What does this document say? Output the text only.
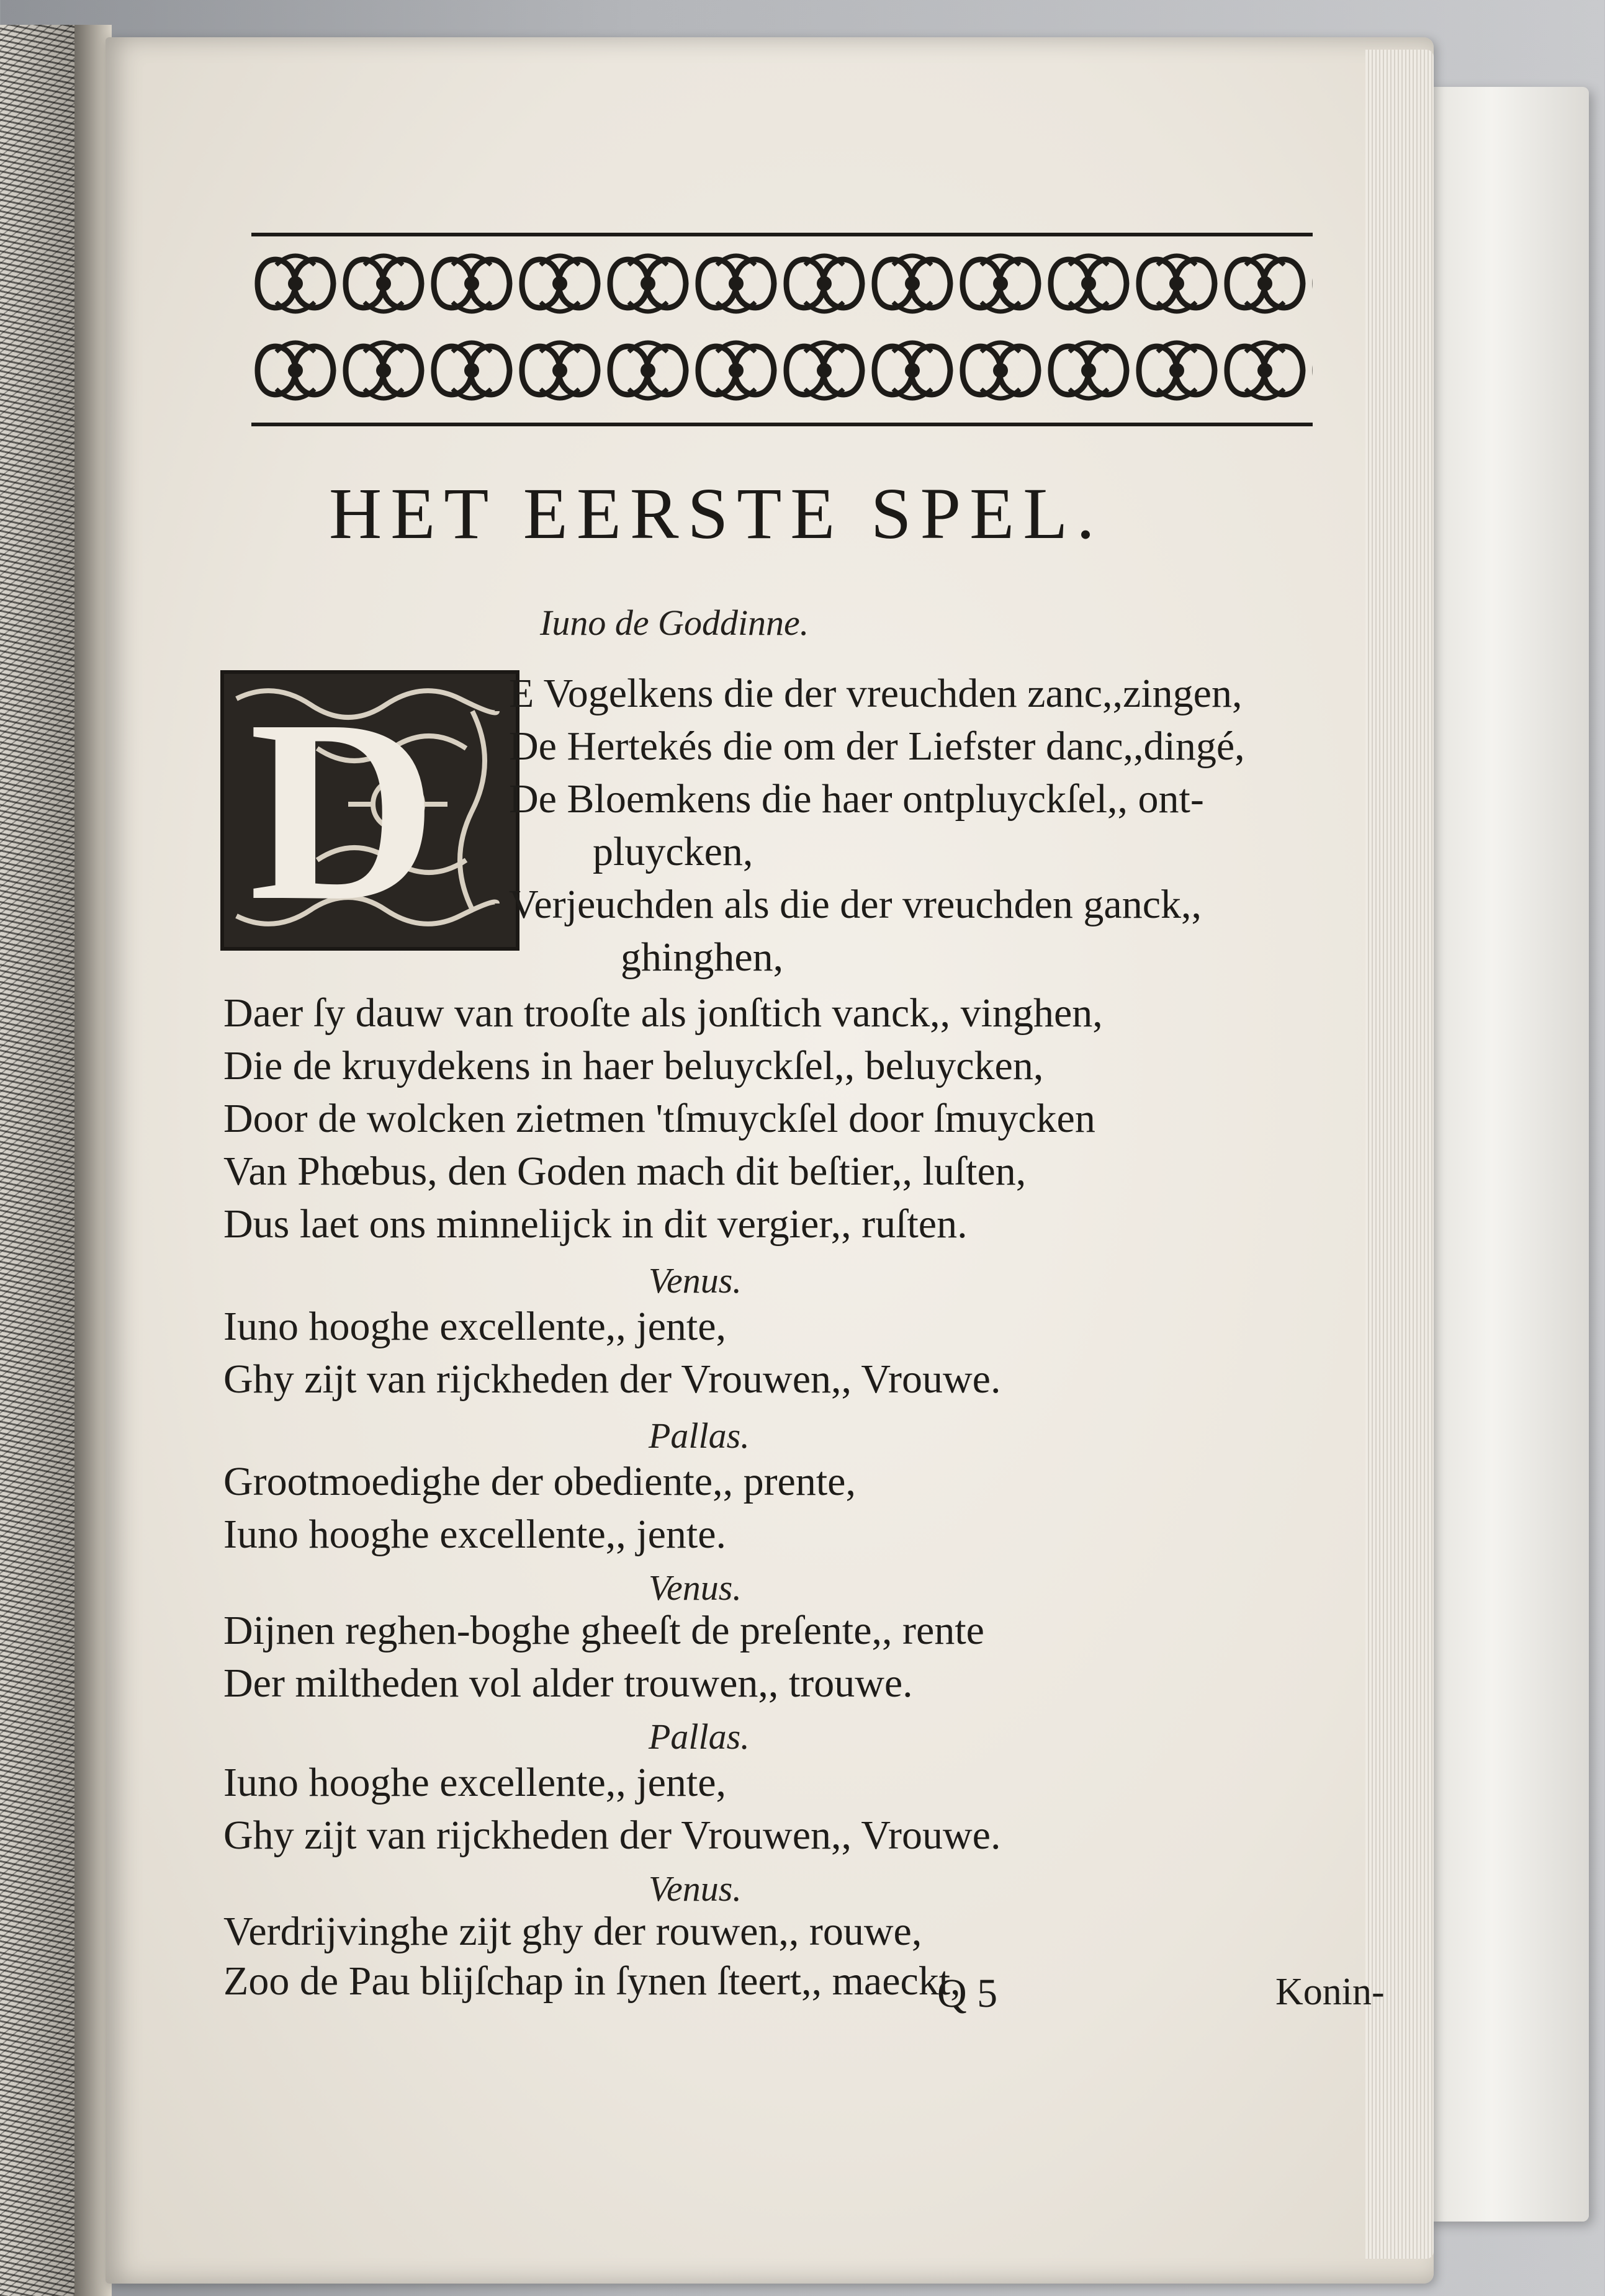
HET EERSTE SPEL.
Iuno de Goddinne.
D E Vogelkens die der vreuchden zanc,,zingen,
De Hertekés die om der Liefster danc,,dingé,
De Bloemkens die haer ontpluyckſel,, ont-
pluycken,
Verjeuchden als die der vreuchden ganck,,
ghinghen,
Daer ſy dauw van trooſte als jonſtich vanck,, vinghen,
Die de kruydekens in haer beluyckſel,, beluycken,
Door de wolcken zietmen 'tſmuyckſel door ſmuycken
Van Phœbus, den Goden mach dit beſtier,, luſten,
Dus laet ons minnelijck in dit vergier,, ruſten.
Venus.
Iuno hooghe excellente,, jente,
Ghy zijt van rijckheden der Vrouwen,, Vrouwe.
Pallas.
Grootmoedighe der obediente,, prente,
Iuno hooghe excellente,, jente.
Venus.
Dijnen reghen-boghe gheeſt de preſente,, rente
Der miltheden vol alder trouwen,, trouwe.
Pallas.
Iuno hooghe excellente,, jente,
Ghy zijt van rijckheden der Vrouwen,, Vrouwe.
Venus.
Verdrijvinghe zijt ghy der rouwen,, rouwe,
Zoo de Pau blijſchap in ſynen ſteert,, maeckt,
Q 5	Konin-
